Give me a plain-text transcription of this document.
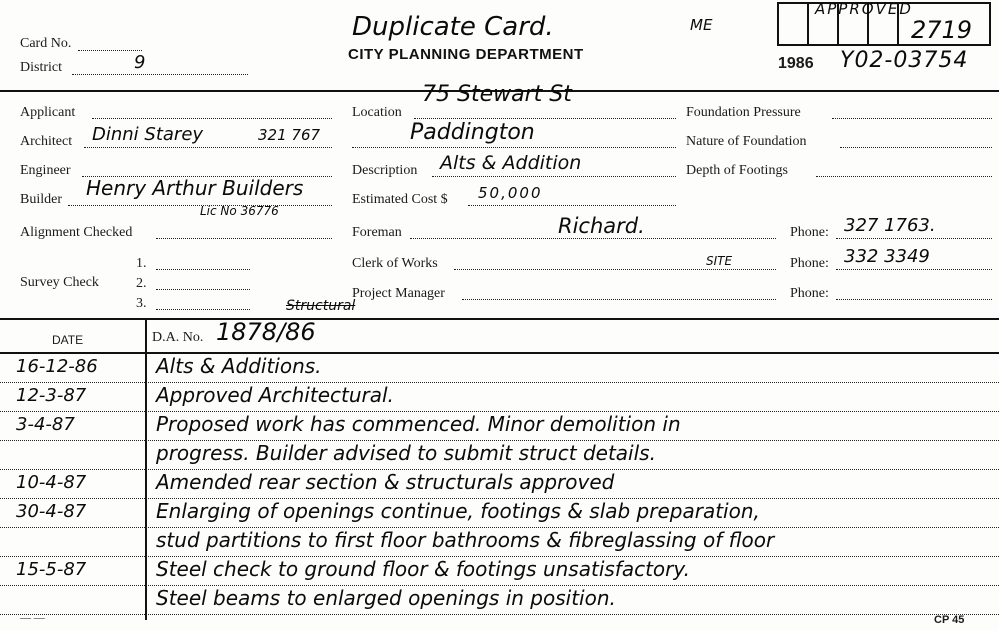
Card No.
District	9
Duplicate Card.
CITY PLANNING DEPARTMENT
ME
APPROVED
2719
1986 Y02-03754
Applicant
Architect Dinni Starey	321 767
Engineer
Builder Henry Arthur Builders
Lic No 36776
Alignment Checked
Survey Check
1.
2.
3.
Location
75 Stewart St
Paddington
Description Alts & Addition
Estimated Cost $ 50,000
Foreman	Richard.
Clerk of Works	SITE
Project Manager
Structural
Foundation Pressure
Nature of Foundation
Depth of Footings
Phone: 327 1763.
Phone: 332 3349
Phone:
DATE	D.A. No. 1878/86
16-12-86	Alts & Additions.
12-3-87	Approved Architectural.
3-4-87	Proposed work has commenced. Minor demolition in
progress. Builder advised to submit struct details.
10-4-87	Amended rear section & structurals approved
30-4-87	Enlarging of openings continue, footings & slab preparation,
stud partitions to first floor bathrooms & fibreglassing of floor
15-5-87	Steel check to ground floor & footings unsatisfactory.
Steel beams to enlarged openings in position.
— —	CP 45
